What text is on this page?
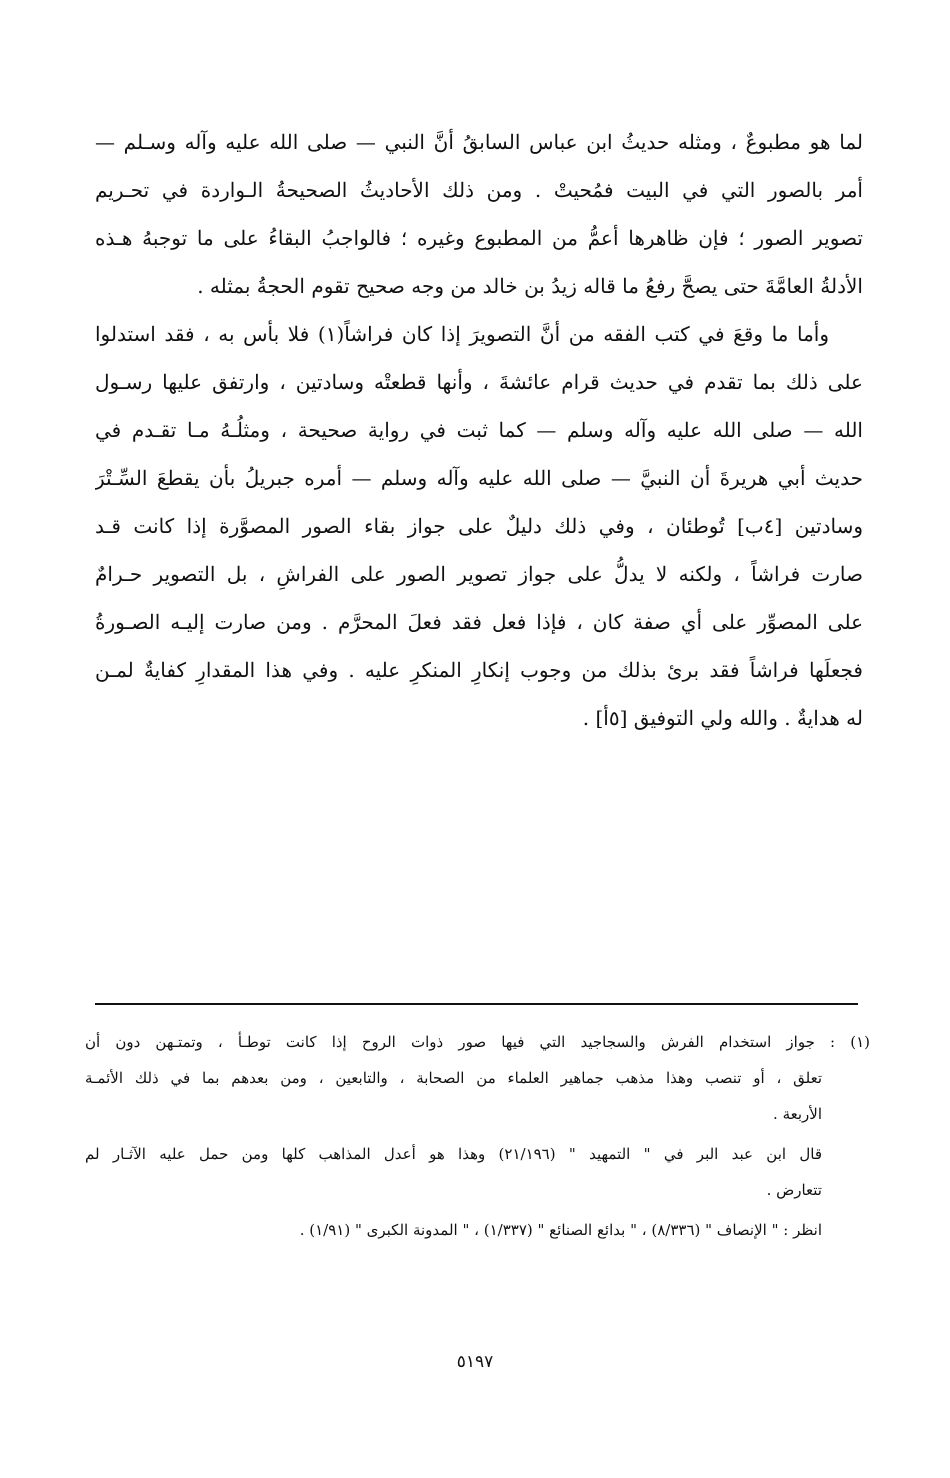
لما هو مطبوعٌ ، ومثله حديثُ ابن عباس السابقُ أنَّ النبي — صلى الله عليه وآله وسـلم —
أمر بالصور التي في البيت فمُحيتْ . ومن ذلك الأحاديثُ الصحيحةُ الـواردة في تحـريم
تصوير الصور ؛ فإن ظاهرها أعمُّ من المطبوع وغيره ؛ فالواجبُ البقاءُ على ما توجبهُ هـذه
الأدلةُ العامَّةَ حتى يصحَّ رفعُ ما قاله زيدُ بن خالد من وجه صحيح تقوم الحجةُ بمثله .
وأما ما وقعَ في كتب الفقه من أنَّ التصويرَ إذا كان فراشاً(١) فلا بأس به ، فقد استدلوا
على ذلك بما تقدم في حديث قرام عائشةَ ، وأنها قطعتْه وسادتين ، وارتفق عليها رسـول
الله — صلى الله عليه وآله وسلم — كما ثبت في رواية صحيحة ، ومثلُـهُ مـا تقـدم في
حديث أبي هريرةَ أن النبيَّ — صلى الله عليه وآله وسلم — أمره جبريلُ بأن يقطعَ السِّـتْرَ
وسادتين [٤ب] تُوطئان ، وفي ذلك دليلٌ على جواز بقاء الصور المصوَّرة إذا كانت قـد
صارت فراشاً ، ولكنه لا يدلُّ على جواز تصوير الصور على الفراشِ ، بل التصوير حـرامٌ
على المصوِّر على أي صفة كان ، فإذا فعل فقد فعلَ المحرَّم . ومن صارت إليـه الصـورةُ
فجعلَها فراشاً فقد برئ بذلك من وجوب إنكارِ المنكرِ عليه . وفي هذا المقدارِ كفايةٌ لمـن
له هدايةٌ . والله ولي التوفيق [٥أ] .
(١) : جواز استخدام الفرش والسجاجيد التي فيها صور ذوات الروح إذا كانت توطـأ ، وتمتـهن دون أن
تعلق ، أو تنصب وهذا مذهب جماهير العلماء من الصحابة ، والتابعين ، ومن بعدهم بما في ذلك الأئمـة
الأربعة .
قال ابن عبد البر في " التمهيد " (٢١/١٩٦) وهذا هو أعدل المذاهب كلها ومن حمل عليه الآثـار لم
تتعارض .
انظر : " الإنصاف " (٨/٣٣٦) ، " بدائع الصنائع " (١/٣٣٧) ، " المدونة الكبرى " (١/٩١) .
٥١٩٧
